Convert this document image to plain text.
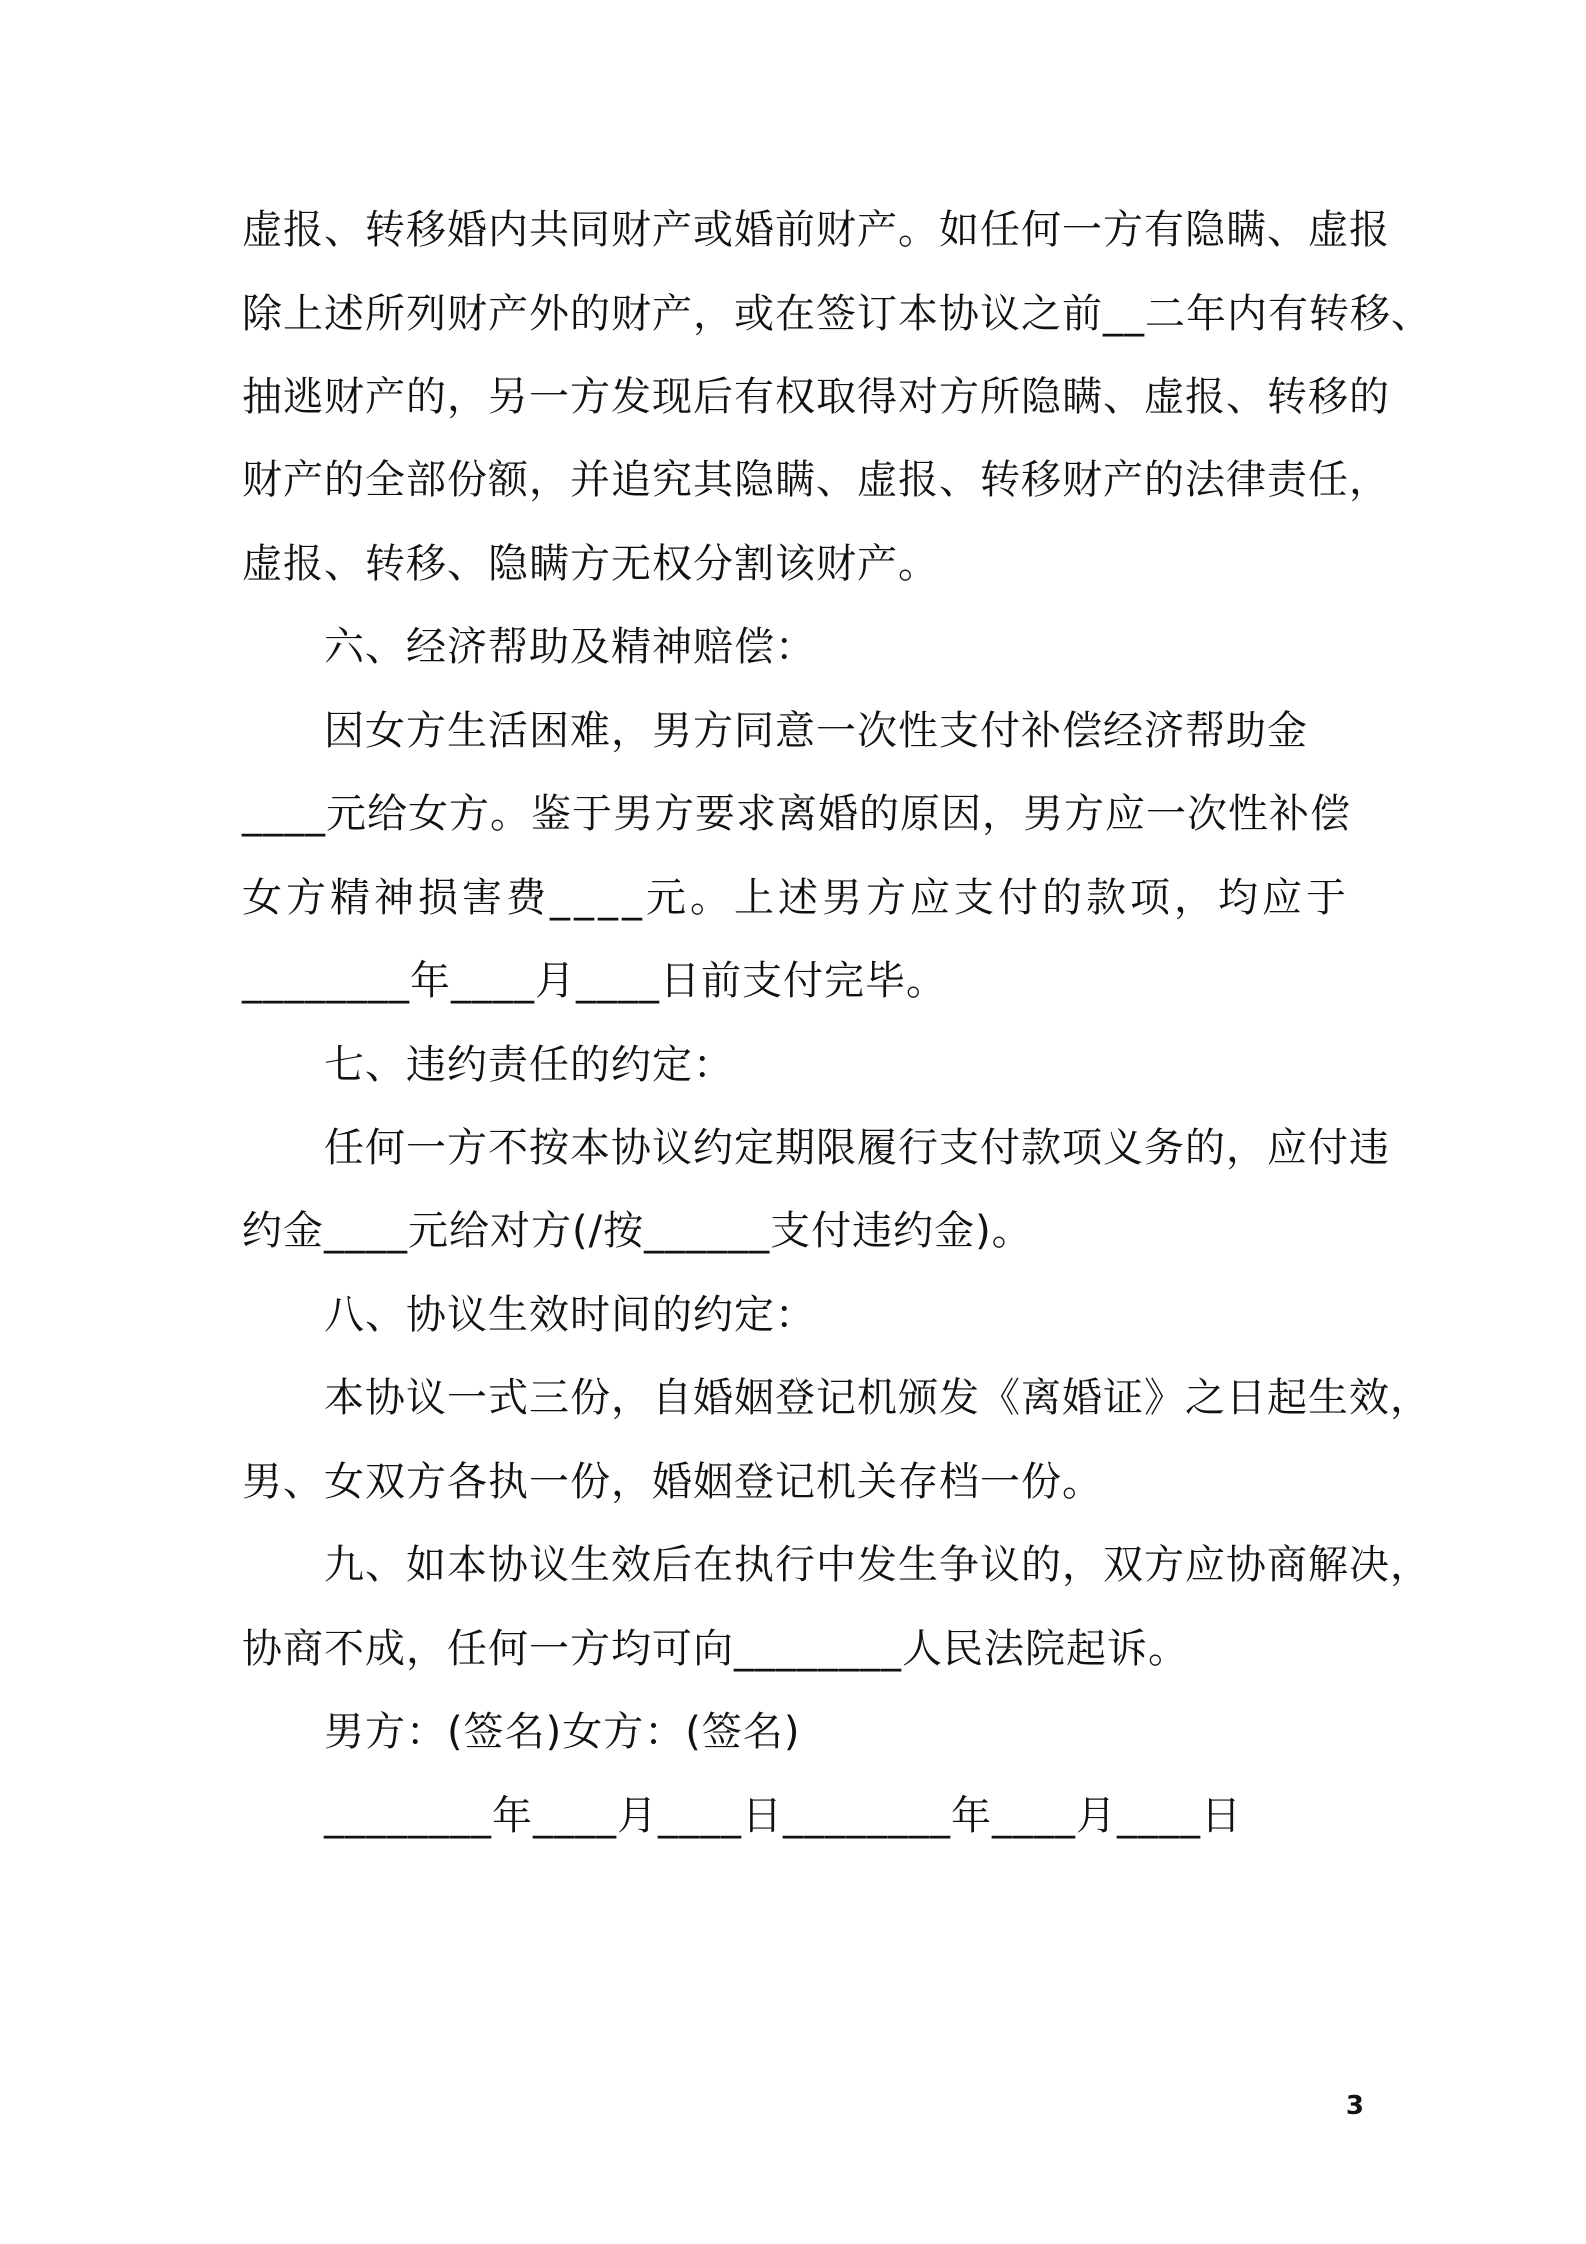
虚报、转移婚内共同财产或婚前财产。如任何一方有隐瞒、虚报
除上述所列财产外的财产，或在签订本协议之前__二年内有转移、
抽逃财产的，另一方发现后有权取得对方所隐瞒、虚报、转移的
财产的全部份额，并追究其隐瞒、虚报、转移财产的法律责任，
虚报、转移、隐瞒方无权分割该财产。
六、经济帮助及精神赔偿：
因女方生活困难，男方同意一次性支付补偿经济帮助金
____元给女方。鉴于男方要求离婚的原因，男方应一次性补偿
女方精神损害费____元。上述男方应支付的款项，均应于
________年____月____日前支付完毕。
七、违约责任的约定：
任何一方不按本协议约定期限履行支付款项义务的，应付违
约金____元给对方(/按______支付违约金)。
八、协议生效时间的约定：
本协议一式三份，自婚姻登记机颁发《离婚证》之日起生效，
男、女双方各执一份，婚姻登记机关存档一份。
九、如本协议生效后在执行中发生争议的，双方应协商解决，
协商不成，任何一方均可向________人民法院起诉。
男方：(签名)女方：(签名)
________年____月____日________年____月____日
3
